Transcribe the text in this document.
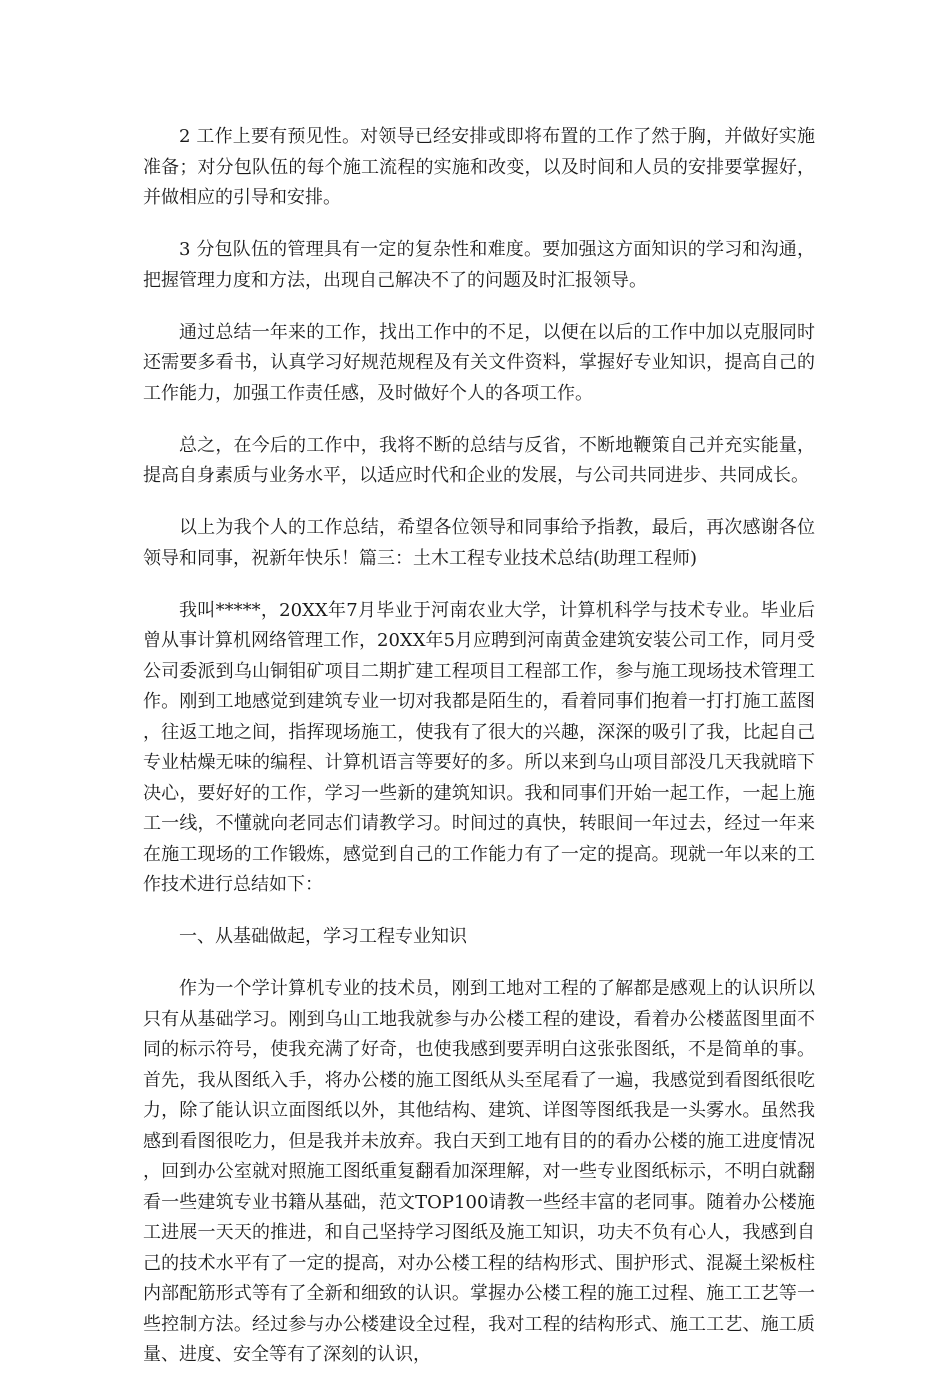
2 工作上要有预见性。对领导已经安排或即将布置的工作了然于胸，并做好实施准备；对分包队伍的每个施工流程的实施和改变，以及时间和人员的安排要掌握好，并做相应的引导和安排。

3 分包队伍的管理具有一定的复杂性和难度。要加强这方面知识的学习和沟通，把握管理力度和方法，出现自己解决不了的问题及时汇报领导。

通过总结一年来的工作，找出工作中的不足，以便在以后的工作中加以克服同时还需要多看书，认真学习好规范规程及有关文件资料，掌握好专业知识，提高自己的工作能力，加强工作责任感，及时做好个人的各项工作。

总之，在今后的工作中，我将不断的总结与反省，不断地鞭策自己并充实能量，提高自身素质与业务水平，以适应时代和企业的发展，与公司共同进步、共同成长。

以上为我个人的工作总结，希望各位领导和同事给予指教，最后，再次感谢各位领导和同事，祝新年快乐！篇三：土木工程专业技术总结(助理工程师)

我叫*****，20XX年7月毕业于河南农业大学，计算机科学与技术专业。毕业后曾从事计算机网络管理工作，20XX年5月应聘到河南黄金建筑安装公司工作，同月受公司委派到乌山铜钼矿项目二期扩建工程项目工程部工作，参与施工现场技术管理工作。刚到工地感觉到建筑专业一切对我都是陌生的，看着同事们抱着一打打施工蓝图，往返工地之间，指挥现场施工，使我有了很大的兴趣，深深的吸引了我，比起自己专业枯燥无味的编程、计算机语言等要好的多。所以来到乌山项目部没几天我就暗下决心，要好好的工作，学习一些新的建筑知识。我和同事们开始一起工作，一起上施工一线，不懂就向老同志们请教学习。时间过的真快，转眼间一年过去，经过一年来在施工现场的工作锻炼，感觉到自己的工作能力有了一定的提高。现就一年以来的工作技术进行总结如下：

一、从基础做起，学习工程专业知识

作为一个学计算机专业的技术员，刚到工地对工程的了解都是感观上的认识所以只有从基础学习。刚到乌山工地我就参与办公楼工程的建设，看着办公楼蓝图里面不同的标示符号，使我充满了好奇，也使我感到要弄明白这张张图纸，不是简单的事。首先，我从图纸入手，将办公楼的施工图纸从头至尾看了一遍，我感觉到看图纸很吃力，除了能认识立面图纸以外，其他结构、建筑、详图等图纸我是一头雾水。虽然我感到看图很吃力，但是我并未放弃。我白天到工地有目的的看办公楼的施工进度情况，回到办公室就对照施工图纸重复翻看加深理解，对一些专业图纸标示，不明白就翻看一些建筑专业书籍从基础，范文TOP100请教一些经丰富的老同事。随着办公楼施工进展一天天的推进，和自己坚持学习图纸及施工知识，功夫不负有心人，我感到自己的技术水平有了一定的提高，对办公楼工程的结构形式、围护形式、混凝土梁板柱内部配筋形式等有了全新和细致的认识。掌握办公楼工程的施工过程、施工工艺等一些控制方法。经过参与办公楼建设全过程，我对工程的结构形式、施工工艺、施工质量、进度、安全等有了深刻的认识，
